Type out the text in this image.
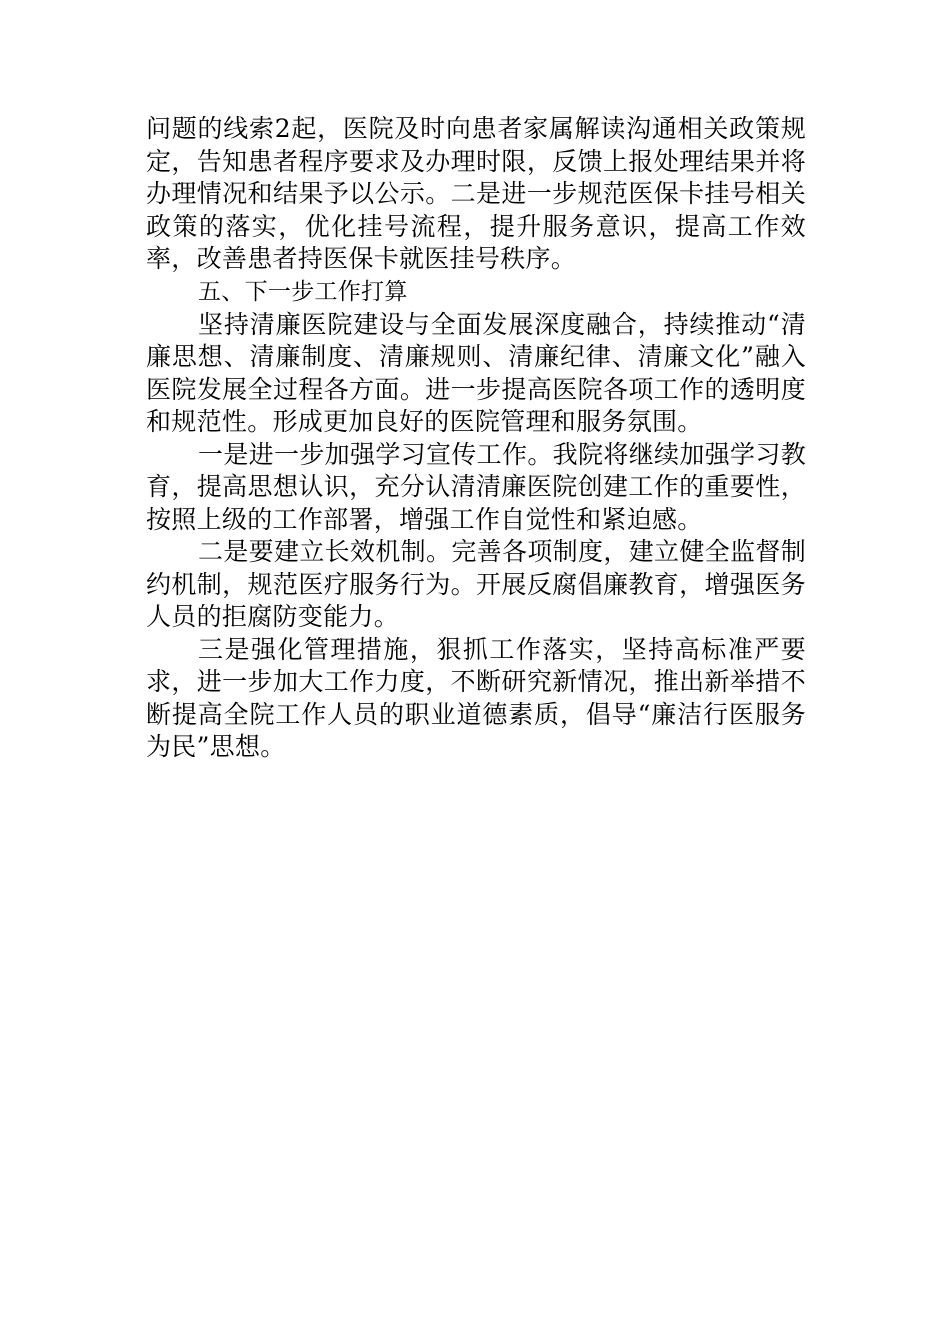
问题的线索2起，医院及时向患者家属解读沟通相关政策规定，告知患者程序要求及办理时限，反馈上报处理结果并将办理情况和结果予以公示。二是进一步规范医保卡挂号相关政策的落实，优化挂号流程，提升服务意识，提高工作效率，改善患者持医保卡就医挂号秩序。

五、下一步工作打算

坚持清廉医院建设与全面发展深度融合，持续推动“清廉思想、清廉制度、清廉规则、清廉纪律、清廉文化”融入医院发展全过程各方面。进一步提高医院各项工作的透明度和规范性。形成更加良好的医院管理和服务氛围。

一是进一步加强学习宣传工作。我院将继续加强学习教育，提高思想认识，充分认清清廉医院创建工作的重要性，按照上级的工作部署，增强工作自觉性和紧迫感。

二是要建立长效机制。完善各项制度，建立健全监督制约机制，规范医疗服务行为。开展反腐倡廉教育，增强医务人员的拒腐防变能力。

三是强化管理措施，狠抓工作落实，坚持高标准严要求，进一步加大工作力度，不断研究新情况，推出新举措不断提高全院工作人员的职业道德素质，倡导“廉洁行医服务为民”思想。
